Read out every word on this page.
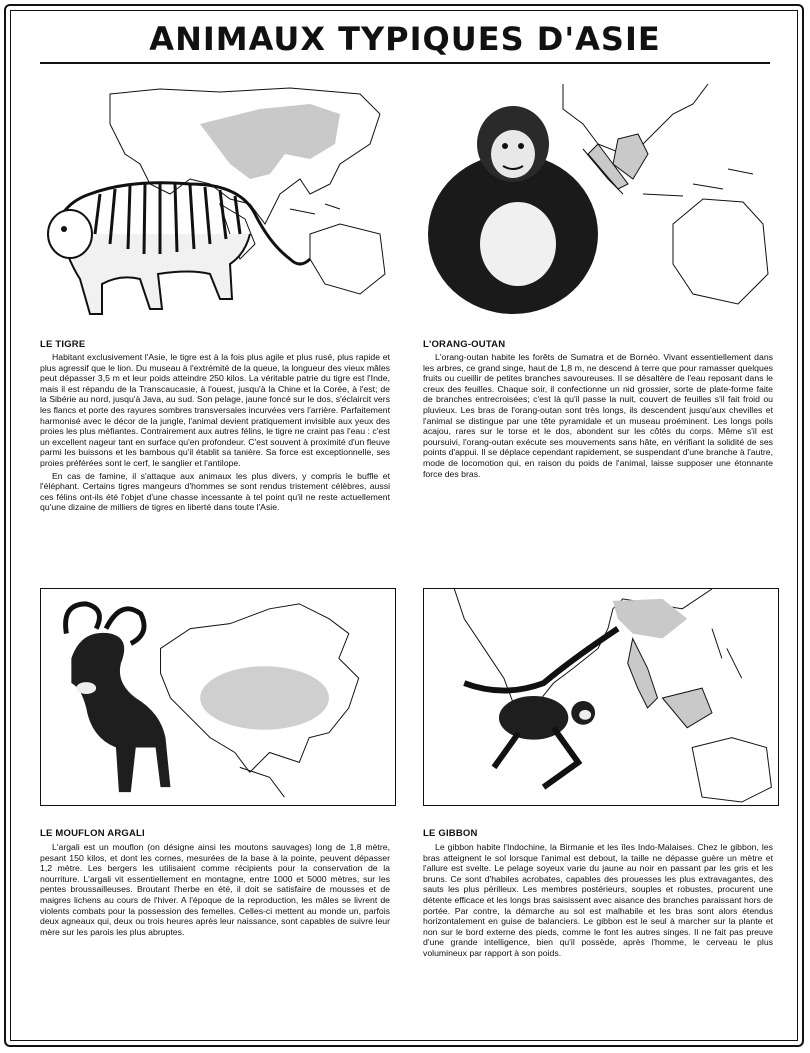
ANIMAUX TYPIQUES D'ASIE
LE TIGRE

Habitant exclusivement l'Asie, le tigre est à la fois plus agile et plus rusé, plus rapide et plus agressif que le lion. Du museau à l'extrémité de la queue, la longueur des vieux mâles peut dépasser 3,5 m et leur poids atteindre 250 kilos. La véritable patrie du tigre est l'Inde, mais il est répandu de la Transcaucasie, à l'ouest, jusqu'à la Chine et la Corée, à l'est; de la Sibérie au nord, jusqu'à Java, au sud. Son pelage, jaune foncé sur le dos, s'éclaircit vers les flancs et porte des rayures sombres transversales incurvées vers l'arrière. Parfaitement harmonisé avec le décor de la jungle, l'animal devient pratiquement invisible aux yeux des proies les plus méfiantes. Contrairement aux autres félins, le tigre ne craint pas l'eau : c'est un excellent nageur tant en surface qu'en profondeur. C'est souvent à proximité d'un fleuve parmi les buissons et les bambous qu'il établit sa tanière. Sa force est exceptionnelle, ses proies préférées sont le cerf, le sanglier et l'antilope.

En cas de famine, il s'attaque aux animaux les plus divers, y compris le buffle et l'éléphant. Certains tigres mangeurs d'hommes se sont rendus tristement célèbres, aussi ces félins ont-ils été l'objet d'une chasse incessante à tel point qu'il ne reste actuellement qu'une dizaine de milliers de tigres en liberté dans toute l'Asie.

L'ORANG-OUTAN

L'orang-outan habite les forêts de Sumatra et de Bornéo. Vivant essentiellement dans les arbres, ce grand singe, haut de 1,8 m, ne descend à terre que pour ramasser quelques fruits ou cueillir de petites branches savoureuses. Il se désaltère de l'eau reposant dans le creux des feuilles. Chaque soir, il confectionne un nid grossier, sorte de plate-forme faite de branches entrecroisées; c'est là qu'il passe la nuit, couvert de feuilles s'il fait froid ou pluvieux. Les bras de l'orang-outan sont très longs, ils descendent jusqu'aux chevilles et l'animal se distingue par une tête pyramidale et un museau proéminent. Les longs poils acajou, rares sur le torse et le dos, abondent sur les côtés du corps. Même s'il est poursuivi, l'orang-outan exécute ses mouvements sans hâte, en vérifiant la solidité de ses points d'appui. Il se déplace cependant rapidement, se suspendant d'une branche à l'autre, mode de locomotion qui, en raison du poids de l'animal, laisse supposer une étonnante force des bras.

LE MOUFLON ARGALI

L'argali est un mouflon (on désigne ainsi les moutons sauvages) long de 1,8 mètre, pesant 150 kilos, et dont les cornes, mesurées de la base à la pointe, peuvent dépasser 1,2 mètre. Les bergers les utilisaient comme récipients pour la conservation de la nourriture. L'argali vit essentiellement en montagne, entre 1000 et 5000 mètres, sur les pentes broussailleuses. Broutant l'herbe en été, il doit se satisfaire de mousses et de maigres lichens au cours de l'hiver. A l'époque de la reproduction, les mâles se livrent de violents combats pour la possession des femelles. Celles-ci mettent au monde un, parfois deux agneaux qui, deux ou trois heures après leur naissance, sont capables de suivre leur mère sur les parois les plus abruptes.

LE GIBBON

Le gibbon habite l'Indochine, la Birmanie et les îles Indo-Malaises. Chez le gibbon, les bras atteignent le sol lorsque l'animal est debout, la taille ne dépasse guère un mètre et l'allure est svelte. Le pelage soyeux varie du jaune au noir en passant par les gris et les bruns. Ce sont d'habiles acrobates, capables des prouesses les plus extravagantes, des sauts les plus périlleux. Les membres postérieurs, souples et robustes, procurent une détente efficace et les longs bras saisissent avec aisance des branches paraissant hors de portée. Par contre, la démarche au sol est malhabile et les bras sont alors étendus horizontalement en guise de balanciers. Le gibbon est le seul à marcher sur la plante et non sur le bord externe des pieds, comme le font les autres singes. Il ne fait pas preuve d'une grande intelligence, bien qu'il possède, après l'homme, le cerveau le plus volumineux par rapport à son poids.
